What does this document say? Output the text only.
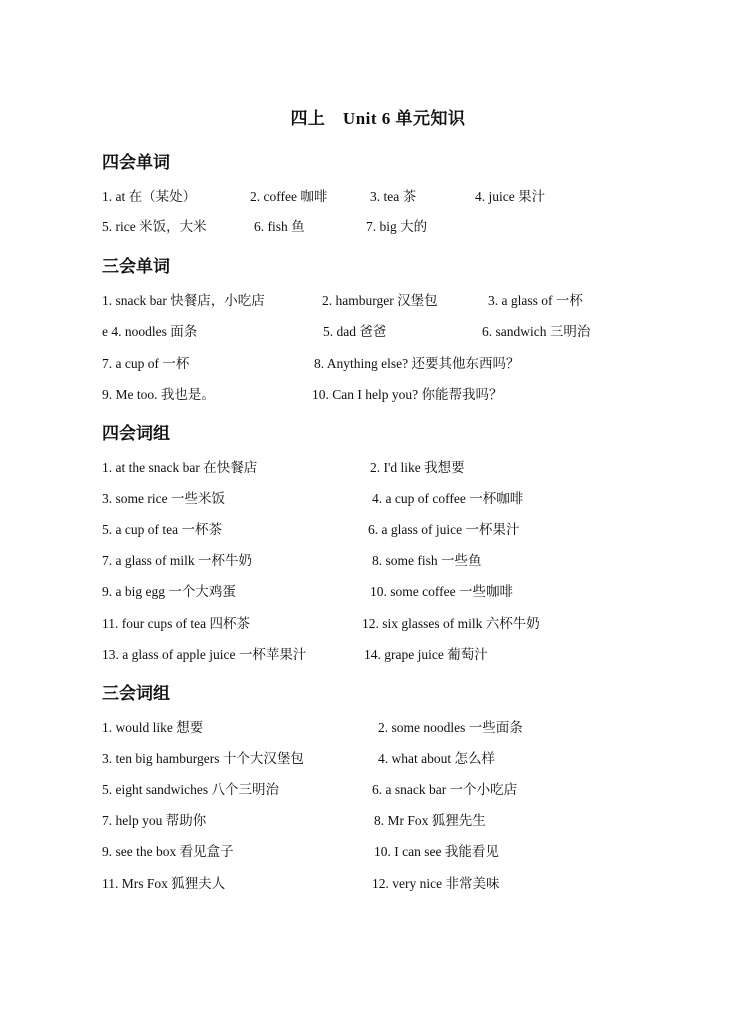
四上　Unit 6 单元知识
四会单词
1. at 在（某处）	2. coffee 咖啡	3. tea 茶	4. juice 果汁
5. rice 米饭，大米	6. fish 鱼	7. big 大的
三会单词
1. snack bar 快餐店，小吃店	2. hamburger 汉堡包	3. a glass of 一杯
e 4. noodles 面条	5. dad 爸爸	6. sandwich 三明治
7. a cup of 一杯	8. Anything else? 还要其他东西吗？
9. Me too. 我也是。	10. Can I help you? 你能帮我吗？
四会词组
1. at the snack bar 在快餐店	2. I'd like 我想要
3. some rice 一些米饭	4. a cup of coffee 一杯咖啡
5. a cup of tea 一杯茶	6. a glass of juice 一杯果汁
7. a glass of milk 一杯牛奶	8. some fish 一些鱼
9. a big egg 一个大鸡蛋	10. some coffee 一些咖啡
11. four cups of tea 四杯茶	12. six glasses of milk 六杯牛奶
13. a glass of apple juice 一杯苹果汁	14. grape juice 葡萄汁
三会词组
1. would like 想要	2. some noodles 一些面条
3. ten big hamburgers 十个大汉堡包	4. what about 怎么样
5. eight sandwiches 八个三明治	6. a snack bar 一个小吃店
7. help you 帮助你	8. Mr Fox 狐狸先生
9. see the box 看见盒子	10. I can see 我能看见
11. Mrs Fox 狐狸夫人	12. very nice 非常美味
